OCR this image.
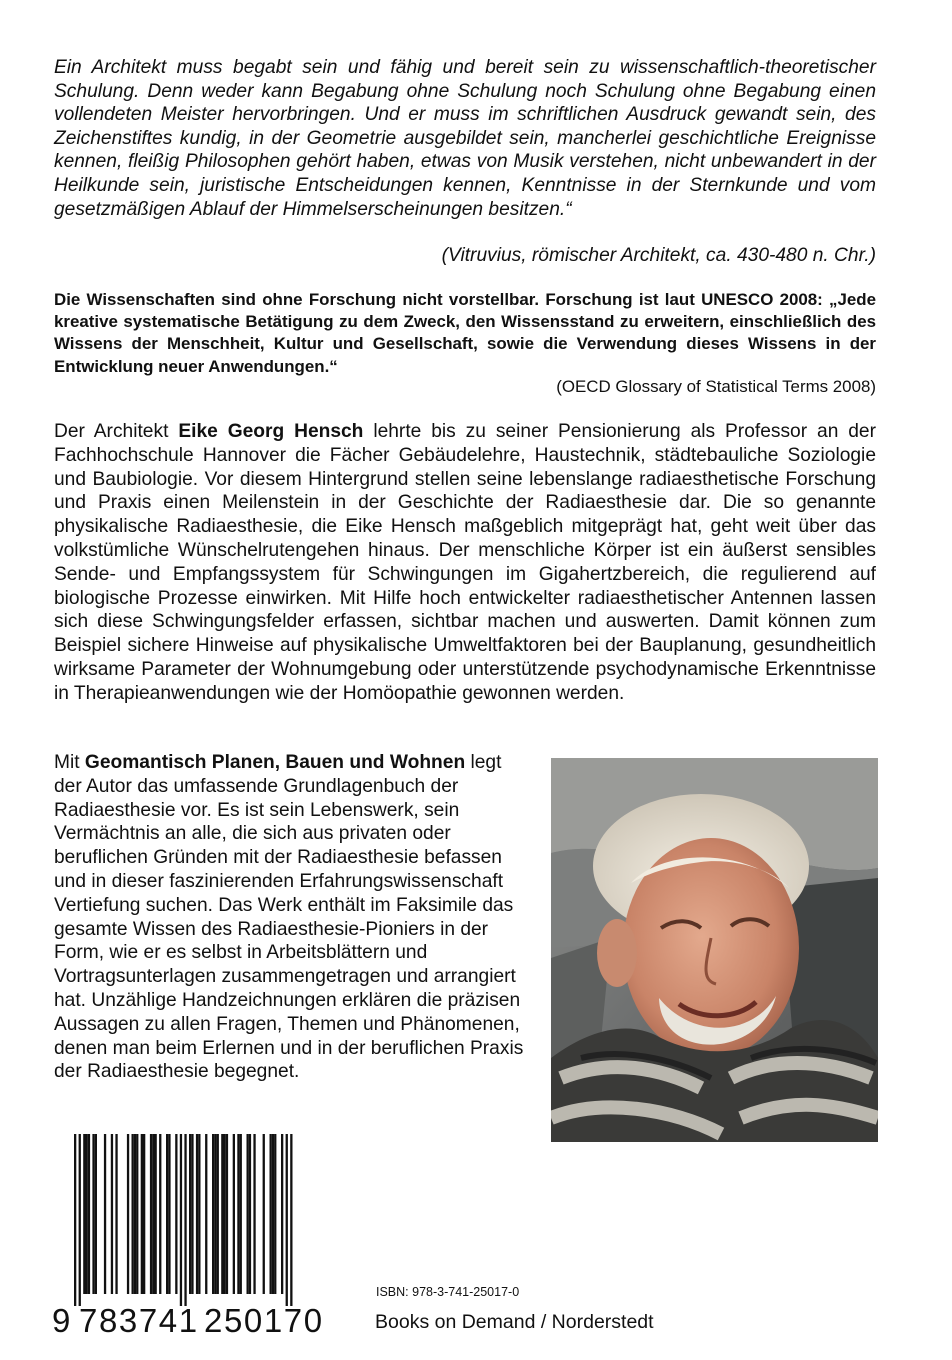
Ein Architekt muss begabt sein und fähig und bereit sein zu wissenschaftlich-theoretischer Schulung. Denn weder kann Begabung ohne Schulung noch Schulung ohne Begabung einen vollendeten Meister hervorbringen. Und er muss im schriftlichen Ausdruck gewandt sein, des Zeichenstiftes kundig, in der Geometrie ausgebildet sein, mancherlei geschichtliche Ereignisse kennen, fleißig Philosophen gehört haben, etwas von Musik verstehen, nicht unbewandert in der Heilkunde sein, juristische Entscheidungen kennen, Kenntnisse in der Sternkunde und vom gesetzmäßigen Ablauf der Himmelserscheinungen besitzen.“
(Vitruvius, römischer Architekt, ca. 430-480 n. Chr.)
Die Wissenschaften sind ohne Forschung nicht vorstellbar. Forschung ist laut UNESCO 2008: „Jede kreative systematische Betätigung zu dem Zweck, den Wissensstand zu erweitern, einschließlich des Wissens der Menschheit, Kultur und Gesellschaft, sowie die Verwendung dieses Wissens in der Entwicklung neuer Anwendungen.“
(OECD Glossary of Statistical Terms 2008)
Der Architekt Eike Georg Hensch lehrte bis zu seiner Pensionierung als Professor an der Fachhochschule Hannover die Fächer Gebäudelehre, Haustechnik, städtebauliche Soziologie und Baubiologie. Vor diesem Hintergrund stellen seine lebenslange radiaesthetische Forschung und Praxis einen Meilenstein in der Geschichte der Radiaesthesie dar. Die so genannte physikalische Radiaesthesie, die Eike Hensch maßgeblich mitgeprägt hat, geht weit über das volkstümliche Wünschelrutengehen hinaus. Der menschliche Körper ist ein äußerst sensibles Sende- und Empfangssystem für Schwingungen im Gigahertzbereich, die regulierend auf biologische Prozesse einwirken. Mit Hilfe hoch entwickelter radiaesthetischer Antennen lassen sich diese Schwingungsfelder erfassen, sichtbar machen und auswerten. Damit können zum Beispiel sichere Hinweise auf physikalische Umweltfaktoren bei der Bauplanung, gesundheitlich wirksame Parameter der Wohnumgebung oder unterstützende psychodynamische Erkenntnisse in Therapieanwendungen wie der Homöopathie gewonnen werden.
Mit Geomantisch Planen, Bauen und Wohnen legt der Autor das umfassende Grundlagenbuch der Radiaesthesie vor. Es ist sein Lebenswerk, sein Vermächtnis an alle, die sich aus privaten oder beruflichen Gründen mit der Radiaesthesie befassen und in dieser faszinierenden Erfahrungswissenschaft Vertiefung suchen. Das Werk enthält im Faksimile das gesamte Wissen des Radiaesthesie-Pioniers in der Form, wie er es selbst in Arbeitsblättern und Vortragsunterlagen zusammengetragen und arrangiert hat. Unzählige Handzeichnungen erklären die präzisen Aussagen zu allen Fragen, Themen und Phänomenen, denen man beim Erlernen und in der beruflichen Praxis der Radiaesthesie begegnet.
9 783741 250170
ISBN: 978-3-741-25017-0
Books on Demand / Norderstedt
